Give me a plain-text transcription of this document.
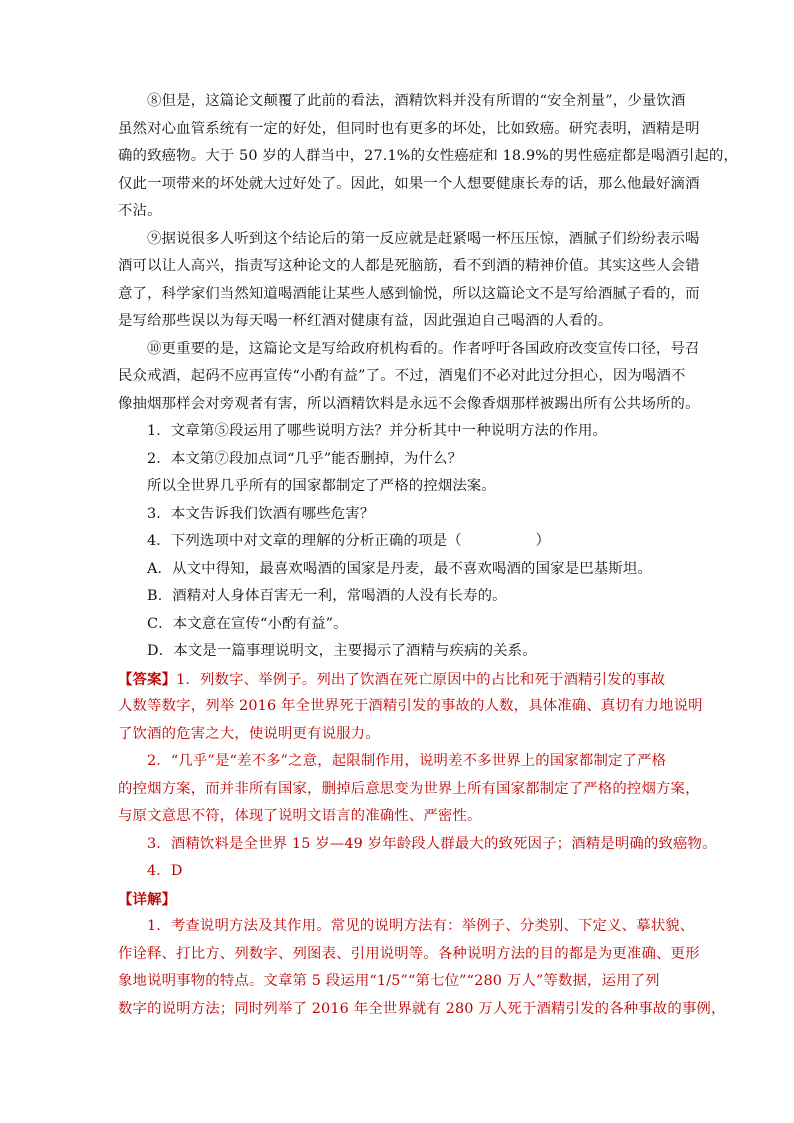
⑧但是，这篇论文颠覆了此前的看法，酒精饮料并没有所谓的“安全剂量”，少量饮酒
虽然对心血管系统有一定的好处，但同时也有更多的坏处，比如致癌。研究表明，酒精是明
确的致癌物。大于 50 岁的人群当中，27.1%的女性癌症和 18.9%的男性癌症都是喝酒引起的，
仅此一项带来的坏处就大过好处了。因此，如果一个人想要健康长寿的话，那么他最好滴酒
不沾。
⑨据说很多人听到这个结论后的第一反应就是赶紧喝一杯压压惊，酒腻子们纷纷表示喝
酒可以让人高兴，指责写这种论文的人都是死脑筋，看不到酒的精神价值。其实这些人会错
意了，科学家们当然知道喝酒能让某些人感到愉悦，所以这篇论文不是写给酒腻子看的，而
是写给那些误以为每天喝一杯红酒对健康有益，因此强迫自己喝酒的人看的。
⑩更重要的是，这篇论文是写给政府机构看的。作者呼吁各国政府改变宣传口径，号召
民众戒酒，起码不应再宣传“小酌有益”了。不过，酒鬼们不必对此过分担心，因为喝酒不
像抽烟那样会对旁观者有害，所以酒精饮料是永远不会像香烟那样被踢出所有公共场所的。
1．文章第⑤段运用了哪些说明方法？并分析其中一种说明方法的作用。
2．本文第⑦段加点词“几乎”能否删掉，为什么？
所以全世界几乎所有的国家都制定了严格的控烟法案。
3．本文告诉我们饮酒有哪些危害？
4．下列选项中对文章的理解的分析正确的项是（	）
A．从文中得知，最喜欢喝酒的国家是丹麦，最不喜欢喝酒的国家是巴基斯坦。
B．酒精对人身体百害无一利，常喝酒的人没有长寿的。
C．本文意在宣传“小酌有益”。
D．本文是一篇事理说明文，主要揭示了酒精与疾病的关系。
【答案】1．列数字、举例子。列出了饮酒在死亡原因中的占比和死于酒精引发的事故
人数等数字，列举 2016 年全世界死于酒精引发的事故的人数，具体准确、真切有力地说明
了饮酒的危害之大，使说明更有说服力。
2．“几乎”是“差不多”之意，起限制作用，说明差不多世界上的国家都制定了严格
的控烟方案，而并非所有国家，删掉后意思变为世界上所有国家都制定了严格的控烟方案，
与原文意思不符，体现了说明文语言的准确性、严密性。
3．酒精饮料是全世界 15 岁—49 岁年龄段人群最大的致死因子；酒精是明确的致癌物。
4．D
【详解】
1．考查说明方法及其作用。常见的说明方法有：举例子、分类别、下定义、摹状貌、
作诠释、打比方、列数字、列图表、引用说明等。各种说明方法的目的都是为更准确、更形
象地说明事物的特点。文章第 5 段运用“1/5”“第七位”“280 万人”等数据，运用了列
数字的说明方法；同时列举了 2016 年全世界就有 280 万人死于酒精引发的各种事故的事例，
